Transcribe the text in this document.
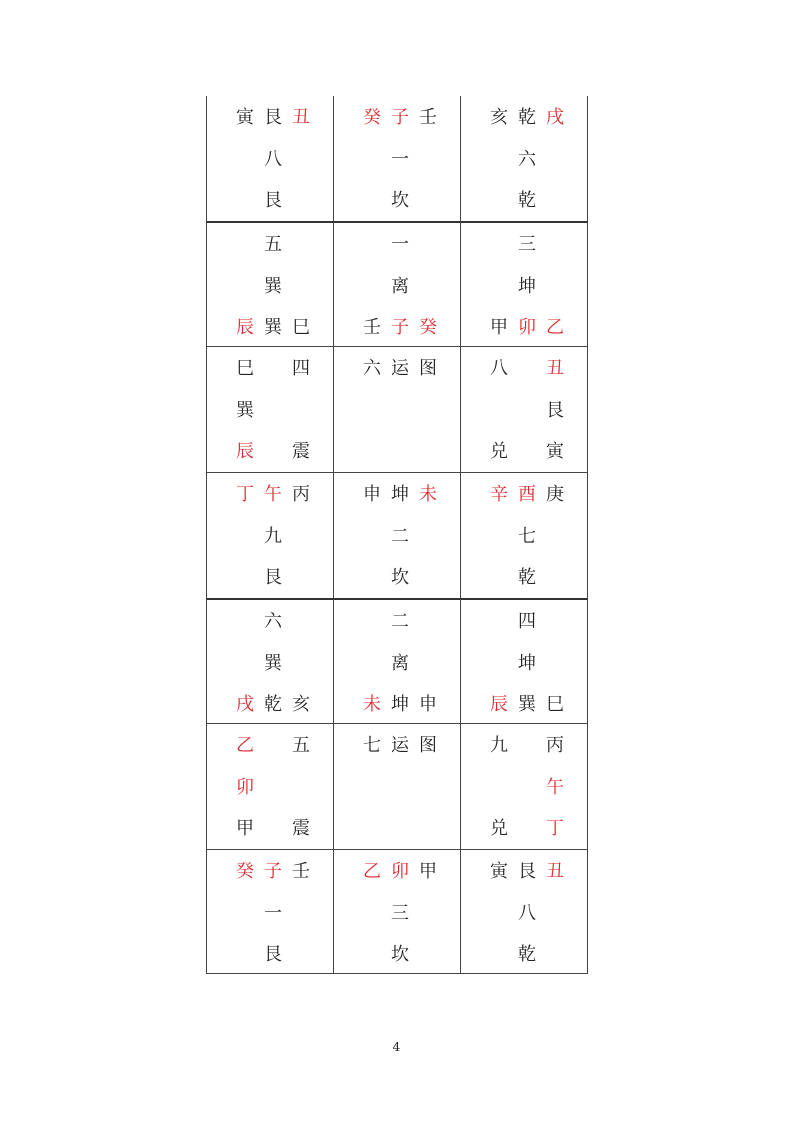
寅 艮 丑
八
艮
癸 子 壬
一
坎
亥 乾 戌
六
乾
五
巽
辰 巽 巳
一
离
壬 子 癸
三
坤
甲 卯 乙
巳 四
巽
辰 震
六 运 图	八 丑
艮
兑 寅
丁 午 丙
九
艮
申 坤 未
二
坎
辛 酉 庚
七
乾
六
巽
戌 乾 亥
二
离
未 坤 申
四
坤
辰 巽 巳
乙 五
卯
甲 震
七 运 图	九 丙
午
兑 丁
癸 子 壬
一
艮
乙 卯 甲
三
坎
寅 艮 丑
八
乾
4
